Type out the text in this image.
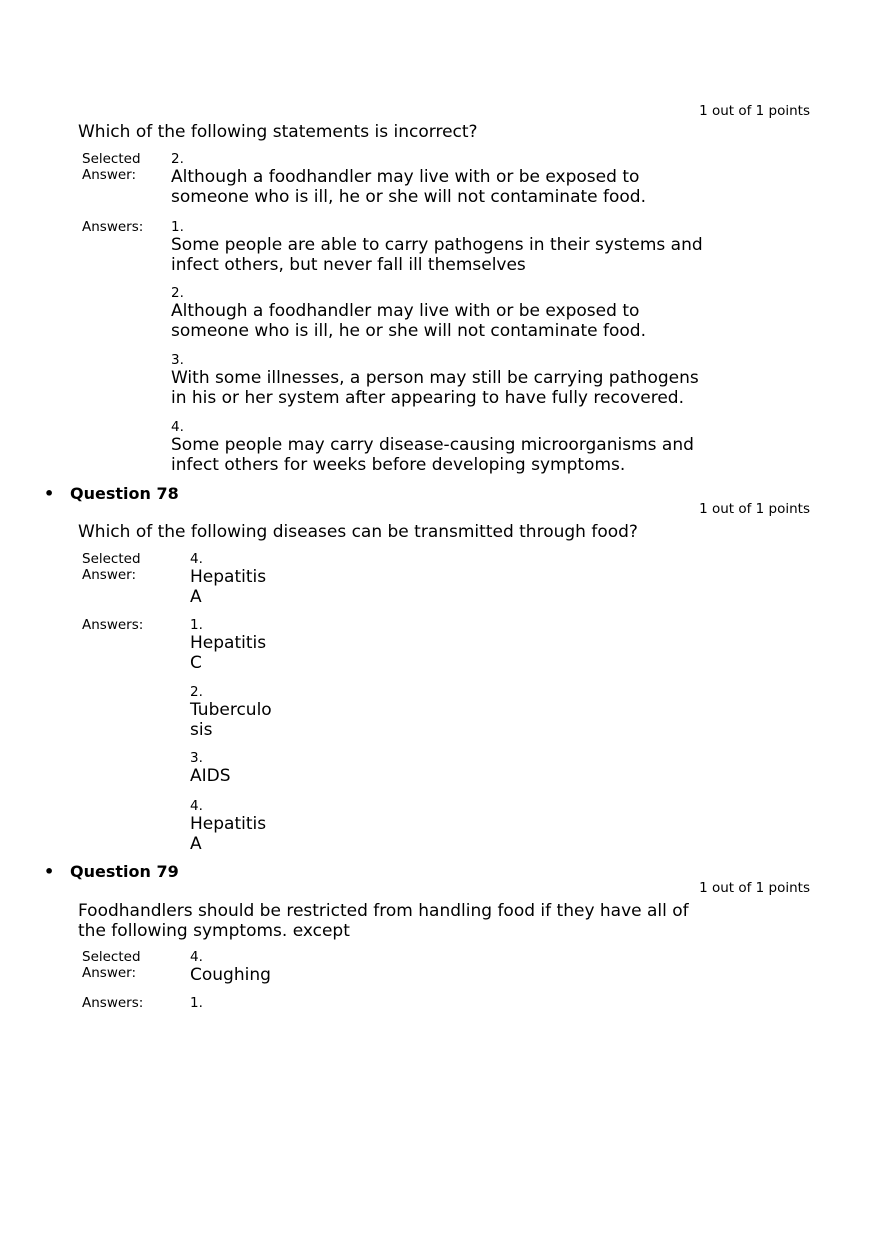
1 out of 1 points
Which of the following statements is incorrect?
Selected
Answer:
2.
Although a foodhandler may live with or be exposed to someone who is ill, he or she will not contaminate food.
Answers: 1.
Some people are able to carry pathogens in their systems and infect others, but never fall ill themselves
2.
Although a foodhandler may live with or be exposed to someone who is ill, he or she will not contaminate food.
3.
With some illnesses, a person may still be carrying pathogens in his or her system after appearing to have fully recovered.
4.
Some people may carry disease-causing microorganisms and infect others for weeks before developing symptoms.
• Question 78
1 out of 1 points
Which of the following diseases can be transmitted through food?
Selected
Answer:
4.
Hepatitis A
Answers:	1.
Hepatitis C
2.
Tuberculosis
3.
AIDS
4.
Hepatitis A
• Question 79
1 out of 1 points
Foodhandlers should be restricted from handling food if they have all of the following symptoms. except
Selected
Answer:
4.
Coughing
Answers:	1.
